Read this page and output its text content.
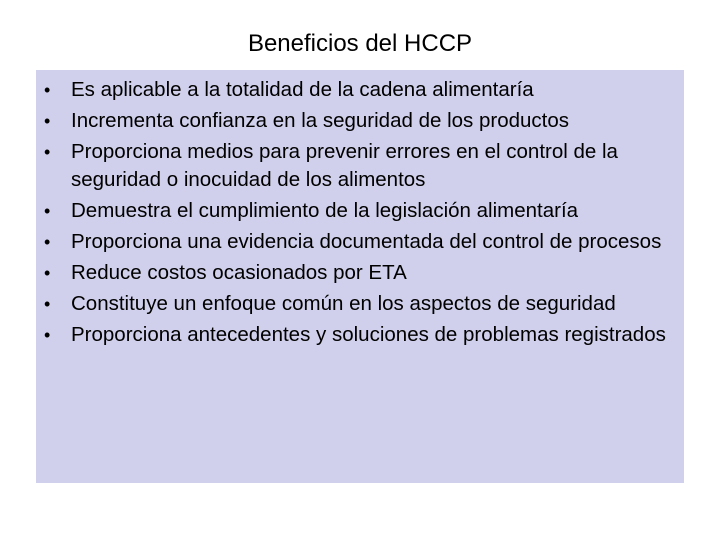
Beneficios del HCCP
• Es aplicable a la totalidad de la cadena alimentaría
• Incrementa confianza en la seguridad de los productos
• Proporciona medios para prevenir errores en el control de la seguridad o inocuidad de los alimentos
• Demuestra el cumplimiento de la legislación alimentaría
• Proporciona una evidencia documentada del control de procesos
• Reduce costos ocasionados por ETA
• Constituye un enfoque común en los aspectos de seguridad
• Proporciona antecedentes y soluciones de problemas registrados
